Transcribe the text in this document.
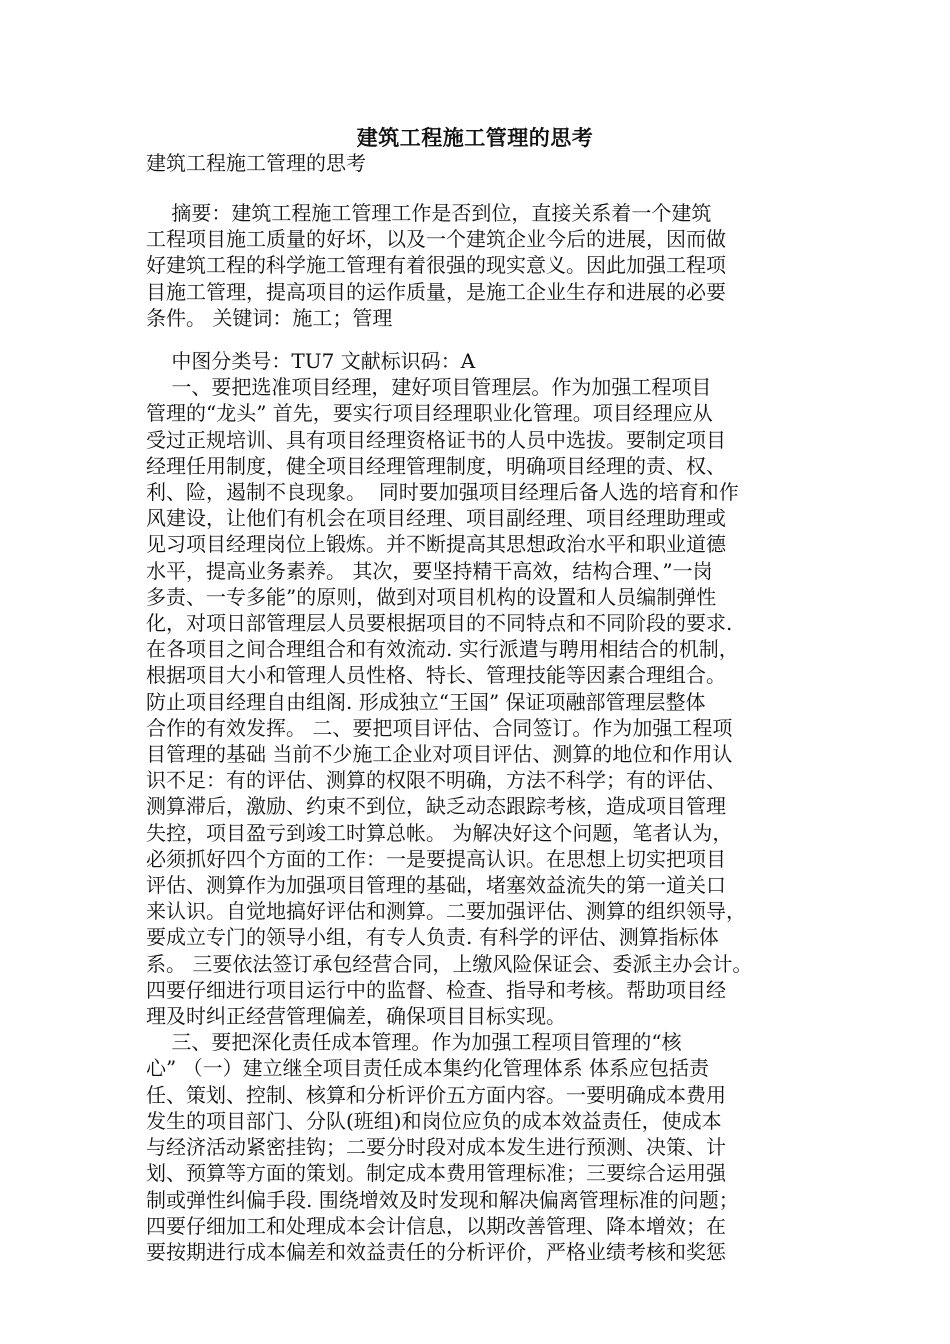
建筑工程施工管理的思考
建筑工程施工管理的思考
摘要：建筑工程施工管理工作是否到位，直接关系着一个建筑
工程项目施工质量的好坏，以及一个建筑企业今后的进展，因而做
好建筑工程的科学施工管理有着很强的现实意义。因此加强工程项
目施工管理，提高项目的运作质量，是施工企业生存和进展的必要
条件。 关键词：施工；管理
中图分类号：TU7 文献标识码：A
一、要把选准项目经理，建好项目管理层。作为加强工程项目
管理的“龙头” 首先，要实行项目经理职业化管理。项目经理应从
受过正规培训、具有项目经理资格证书的人员中选拔。要制定项目
经理任用制度，健全项目经理管理制度，明确项目经理的责、权、
利、险，遏制不良现象。  同时要加强项目经理后备人选的培育和作
风建设，让他们有机会在项目经理、项目副经理、项目经理助理或
见习项目经理岗位上锻炼。并不断提高其思想政治水平和职业道德
水平，提高业务素养。 其次，要坚持精干高效，结构合理、”一岗
多责、一专多能”的原则，做到对项目机构的设置和人员编制弹性
化，对项日部管理层人员要根据项目的不同特点和不同阶段的要求.
在各项目之间合理组合和有效流动. 实行派遣与聘用相结合的机制，
根据项目大小和管理人员性格、特长、管理技能等因素合理组合。
防止项目经理自由组阁. 形成独立“王国” 保证项融部管理层整体
合作的有效发挥。 二、要把项目评估、合同签订。作为加强工程项
目管理的基础 当前不少施工企业对项目评估、测算的地位和作用认
识不足：有的评估、测算的权限不明确，方法不科学；有的评估、
测算滞后，激励、约束不到位，缺乏动态跟踪考核，造成项目管理
失控，项目盈亏到竣工时算总帐。 为解决好这个问题，笔者认为，
必须抓好四个方面的工作：一是要提高认识。在思想上切实把项目
评估、测算作为加强项目管理的基础，堵塞效益流失的第一道关口
来认识。自觉地搞好评估和测算。二要加强评估、测算的组织领导，
要成立专门的领导小组，有专人负责. 有科学的评估、测算指标体
系。 三要依法签订承包经营合同，上缴风险保证会、委派主办会计。
四要仔细进行项目运行中的监督、检查、指导和考核。帮助项目经
理及时纠正经营管理偏差，确保项目目标实现。
三、要把深化责任成本管理。作为加强工程项目管理的“核
心” （一）建立继全项目责任成本集约化管理体系 体系应包括责
任、策划、控制、核算和分析评价五方面内容。一要明确成本费用
发生的项目部门、分队(班组)和岗位应负的成本效益责任，使成本
与经济活动紧密挂钩；二要分时段对成本发生进行预测、决策、计
划、预算等方面的策划。制定成本费用管理标准；三要综合运用强
制或弹性纠偏手段. 围绕增效及时发现和解决偏离管理标准的问题；
四要仔细加工和处理成本会计信息，以期改善管理、降本增效；在
要按期进行成本偏差和效益责任的分析评价，严格业绩考核和奖惩
